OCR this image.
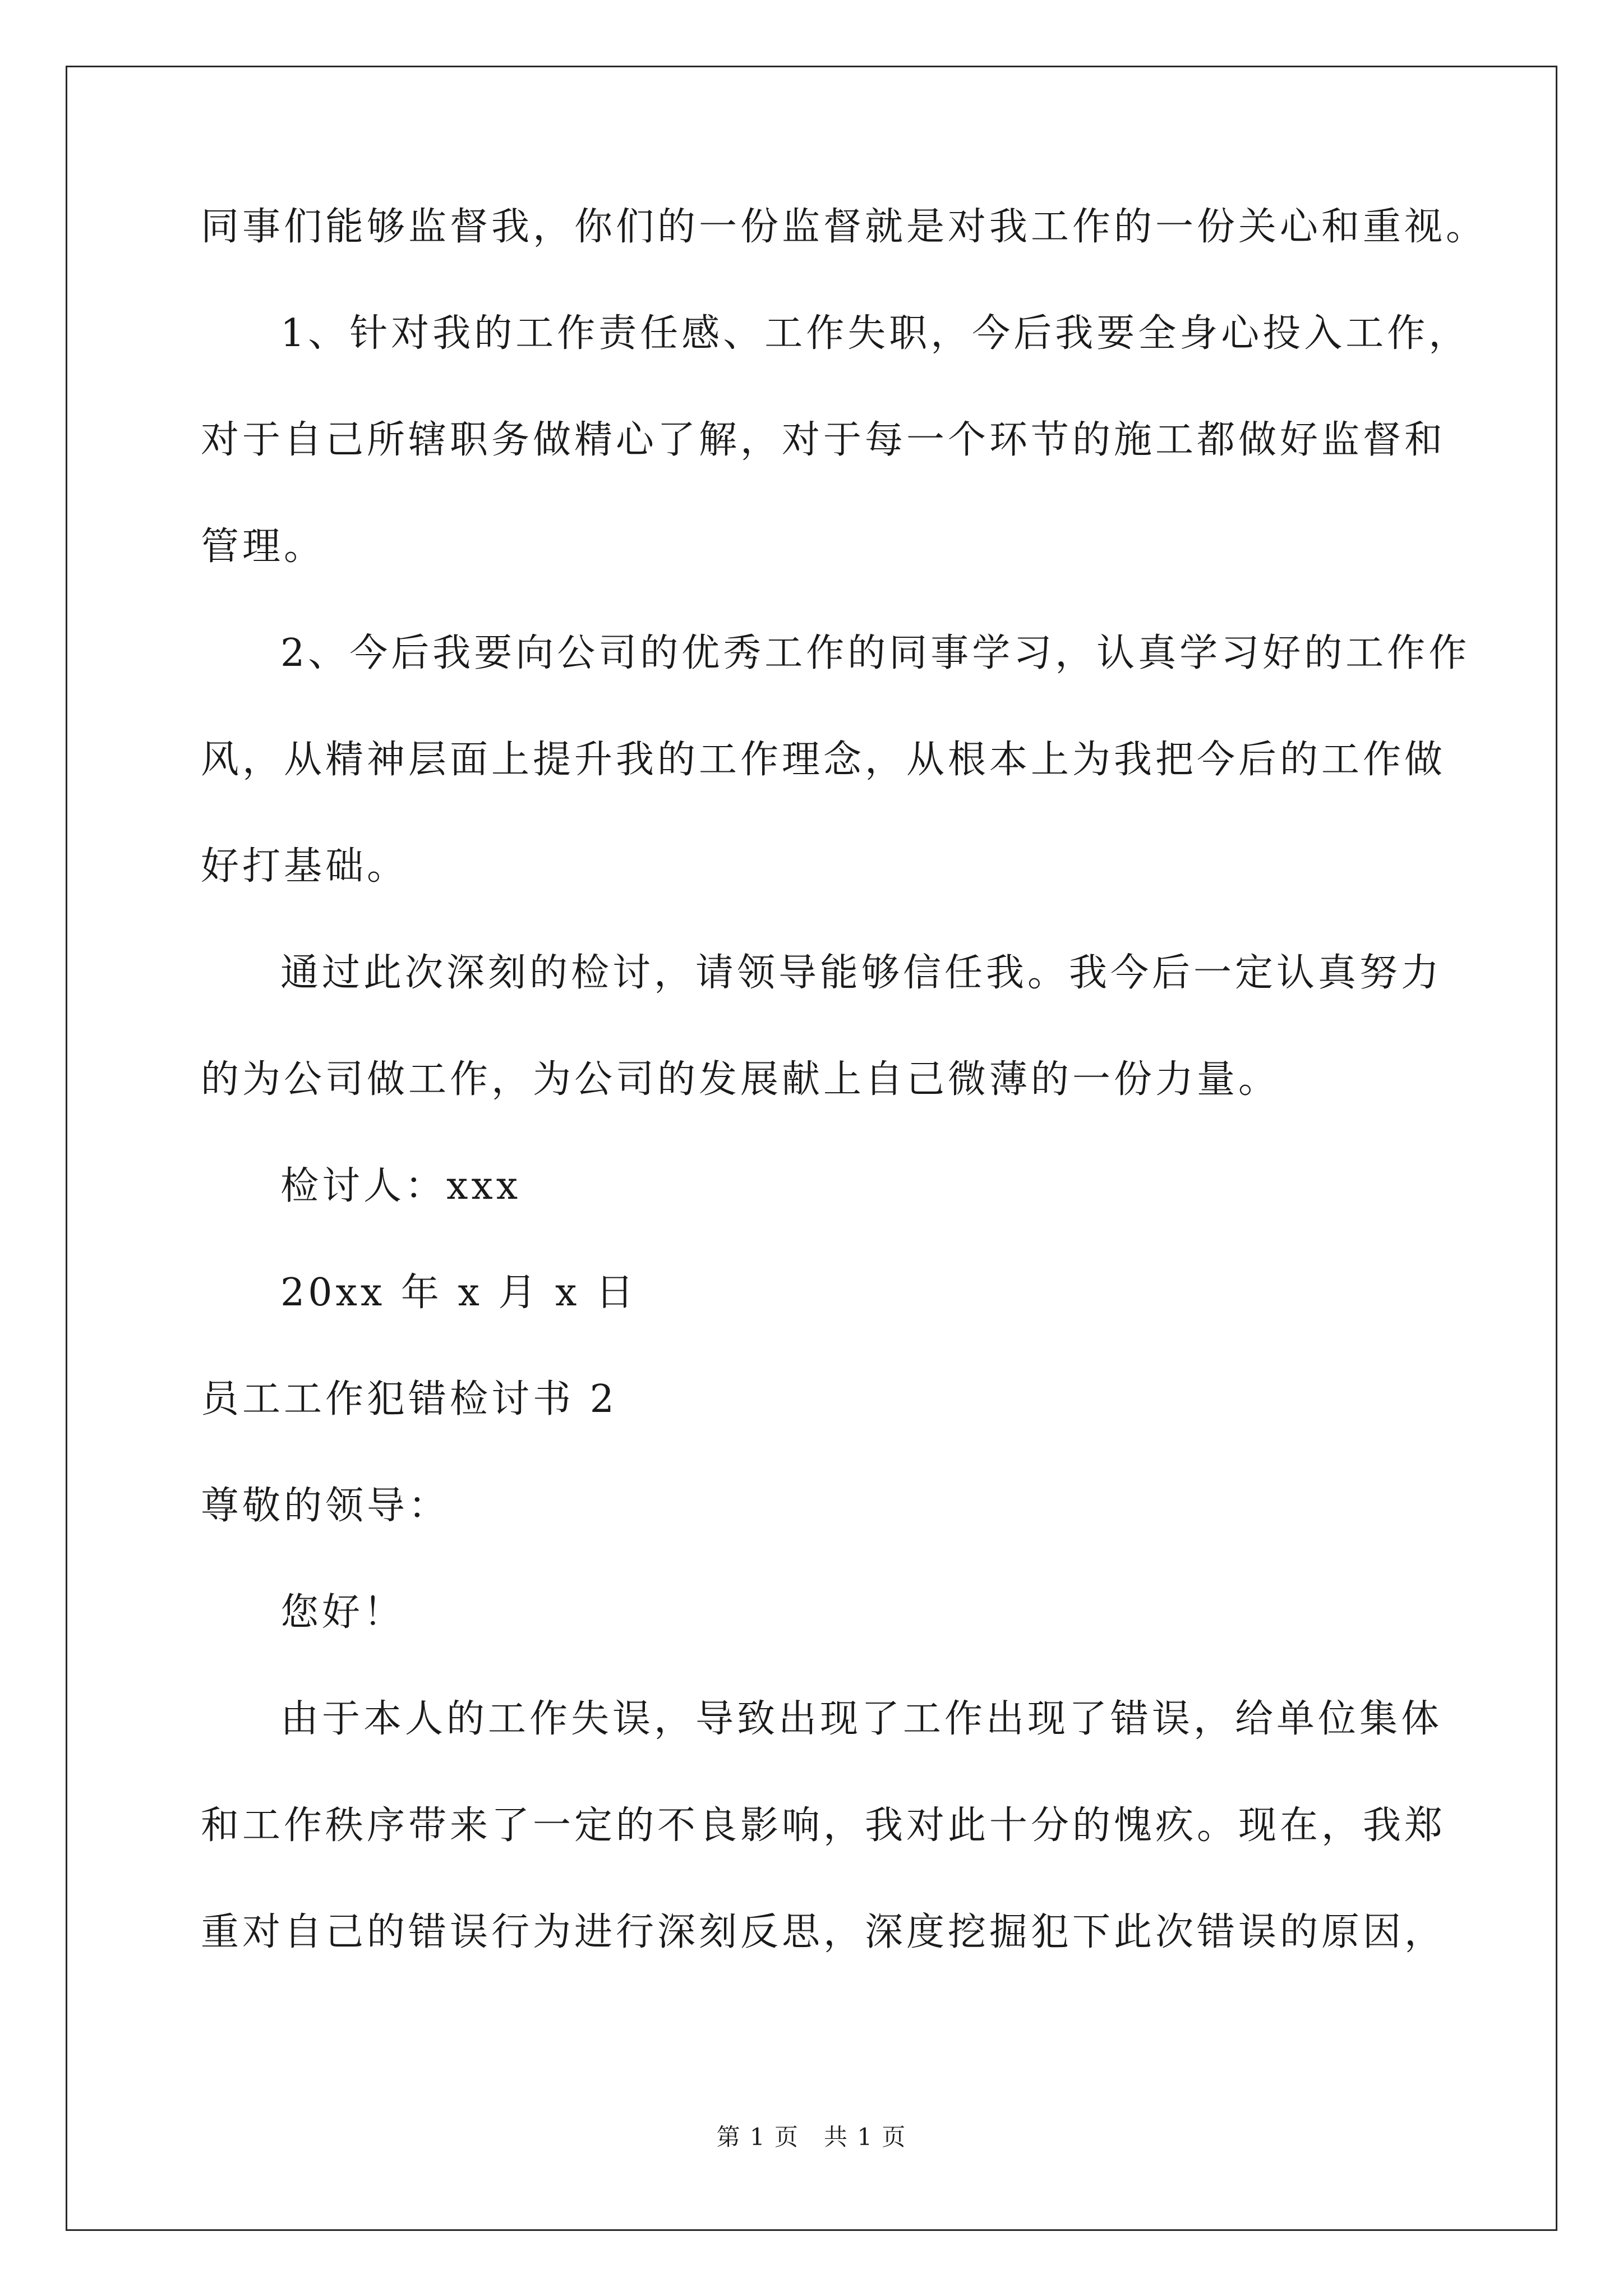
同事们能够监督我，你们的一份监督就是对我工作的一份关心和重视。
1、针对我的工作责任感、工作失职，今后我要全身心投入工作，
对于自己所辖职务做精心了解，对于每一个环节的施工都做好监督和
管理。
2、今后我要向公司的优秀工作的同事学习，认真学习好的工作作
风，从精神层面上提升我的工作理念，从根本上为我把今后的工作做
好打基础。
通过此次深刻的检讨，请领导能够信任我。我今后一定认真努力
的为公司做工作，为公司的发展献上自己微薄的一份力量。
检讨人：xxx
20xx 年 x 月 x 日
员工工作犯错检讨书 2
尊敬的领导：
您好！
由于本人的工作失误，导致出现了工作出现了错误，给单位集体
和工作秩序带来了一定的不良影响，我对此十分的愧疚。现在，我郑
重对自己的错误行为进行深刻反思，深度挖掘犯下此次错误的原因，
第 1 页　共 1 页
